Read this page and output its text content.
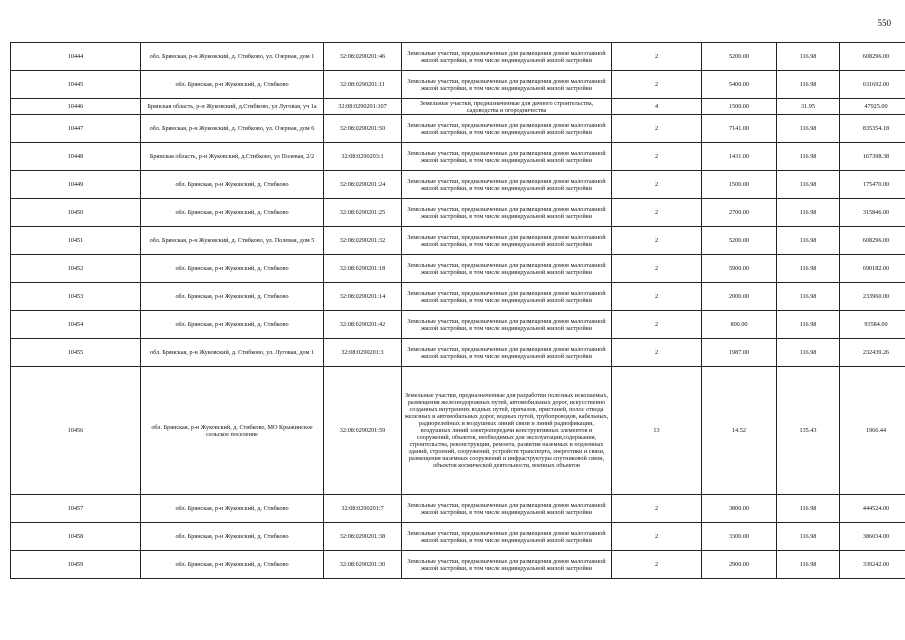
550
10444	обл. Брянская, р-н Жуковский, д. Стибково, ул. Озерная, дом 1	32:08:0290201:46	Земельные участки, предназначенные для размещения домов малоэтажной жилой застройки, в том числе индивидуальной жилой застройки	2	5200.00	116.98	608296.00
10445	обл. Брянская, р-н Жуковский, д. Стибково	32:08:0290201:11	Земельные участки, предназначенные для размещения домов малоэтажной жилой застройки, в том числе индивидуальной жилой застройки	2	5400.00	116.98	631692.00
10446	Брянская область, р-н Жуковский, д.Стибково, ул Луговая, уч 1а	32:08:0290201:107	Земельные участки, предназначенные для дачного строительства, садоводства и огородничества	4	1500.00	31.95	47925.00
10447	обл. Брянская, р-н Жуковский, д. Стибково, ул. Озерная, дом 6	32:08:0290201:50	Земельные участки, предназначенные для размещения домов малоэтажной жилой застройки, в том числе индивидуальной жилой застройки	2	7141.00	116.98	835354.18
10448	Брянская область, р-н Жуковский, д.Стибково, ул Полевая, 2/2	32:08:0290203:1	Земельные участки, предназначенные для размещения домов малоэтажной жилой застройки, в том числе индивидуальной жилой застройки	2	1431.00	116.98	167398.38
10449	обл. Брянская, р-н Жуковский, д. Стибково	32:08:0290201:24	Земельные участки, предназначенные для размещения домов малоэтажной жилой застройки, в том числе индивидуальной жилой застройки	2	1500.00	116.98	175470.00
10450	обл. Брянская, р-н Жуковский, д. Стибково	32:08:0290201:25	Земельные участки, предназначенные для размещения домов малоэтажной жилой застройки, в том числе индивидуальной жилой застройки	2	2700.00	116.98	315846.00
10451	обл. Брянская, р-н Жуковский, д. Стибково, ул. Полевая, дом 5	32:08:0290201:32	Земельные участки, предназначенные для размещения домов малоэтажной жилой застройки, в том числе индивидуальной жилой застройки	2	5200.00	116.98	608296.00
10452	обл. Брянская, р-н Жуковский, д. Стибково	32:08:0290201:18	Земельные участки, предназначенные для размещения домов малоэтажной жилой застройки, в том числе индивидуальной жилой застройки	2	5900.00	116.98	690182.00
10453	обл. Брянская, р-н Жуковский, д. Стибково	32:08:0290201:14	Земельные участки, предназначенные для размещения домов малоэтажной жилой застройки, в том числе индивидуальной жилой застройки	2	2000.00	116.98	233960.00
10454	обл. Брянская, р-н Жуковский, д. Стибково	32:08:0290201:42	Земельные участки, предназначенные для размещения домов малоэтажной жилой застройки, в том числе индивидуальной жилой застройки	2	800.00	116.98	93584.00
10455	обл. Брянская, р-н Жуковский, д. Стибково, ул. Луговая, дом 1	32:08:0290201:3	Земельные участки, предназначенные для размещения домов малоэтажной жилой застройки, в том числе индивидуальной жилой застройки	2	1987.00	116.98	232439.26
10456	обл. Брянская, р-н Жуковский, д. Стибково, МО Крыжинское сельское поселение	32:08:0290201:59	Земельные участки, предназначенные для разработки полезных ископаемых, размещения железнодорожных путей, автомобильных дорог, искусственно созданных внутренних водных путей, причалов, пристаней, полос отвода железных и автомобильных дорог, водных путей, трубопроводов, кабельных, радиорелейных и воздушных линий связи и линий радиофикации, воздушных линий электропередачи конструктивных элементов и сооружений, объектов, необходимых для эксплуатации,содержания, строительства, реконструкции, ремонта, развития наземных и подземных зданий, строений, сооружений, устройств транспорта, энергетики и связи, размещения наземных сооружений и инфраструктуры спутниковой связи, объектов космической деятельности, военных объектов	13	14.52	135.43	1966.44
10457	обл. Брянская, р-н Жуковский, д. Стибково	32:08:0290201:7	Земельные участки, предназначенные для размещения домов малоэтажной жилой застройки, в том числе индивидуальной жилой застройки	2	3800.00	116.98	444524.00
10458	обл. Брянская, р-н Жуковский, д. Стибково	32:08:0290201:38	Земельные участки, предназначенные для размещения домов малоэтажной жилой застройки, в том числе индивидуальной жилой застройки	2	3300.00	116.98	386034.00
10459	обл. Брянская, р-н Жуковский, д. Стибково	32:08:0290201:30	Земельные участки, предназначенные для размещения домов малоэтажной жилой застройки, в том числе индивидуальной жилой застройки	2	2900.00	116.98	339242.00
